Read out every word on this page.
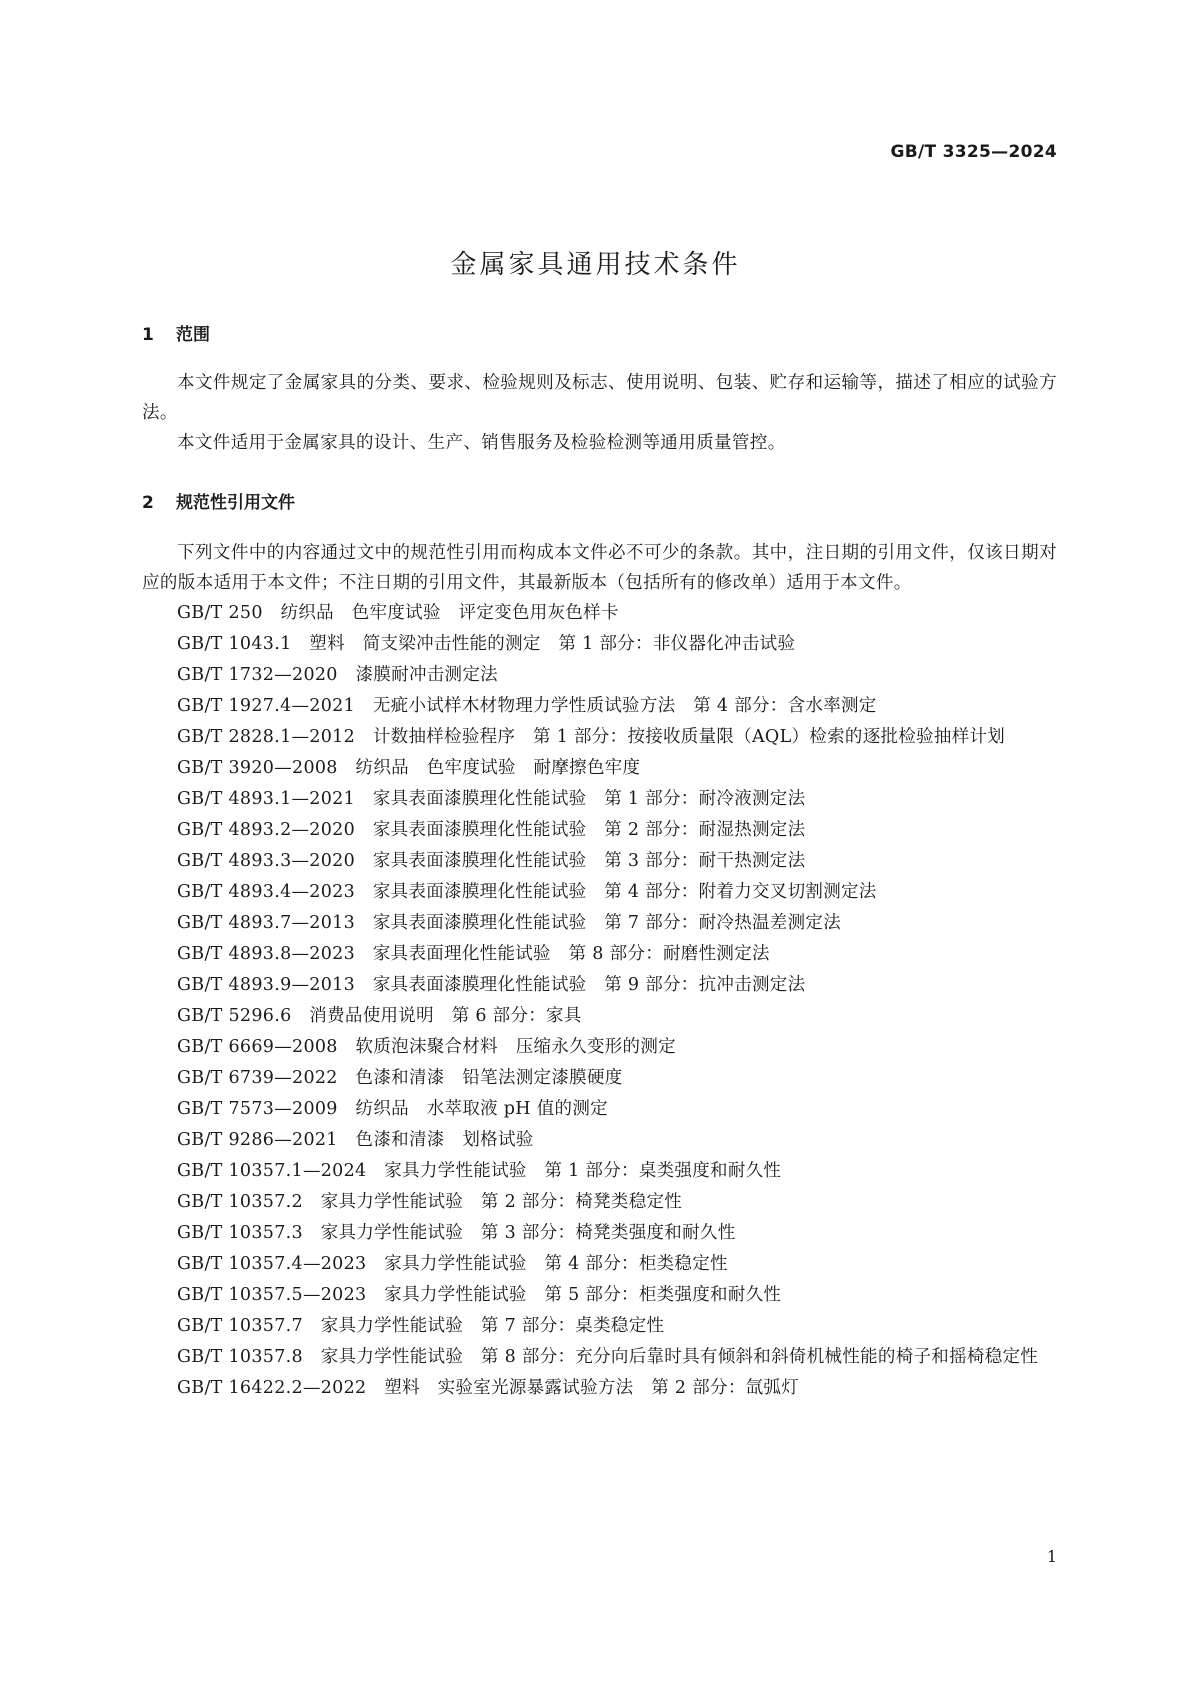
GB/T 3325—2024
金属家具通用技术条件
1 范围

本文件规定了金属家具的分类、要求、检验规则及标志、使用说明、包装、贮存和运输等，描述了相应的试验方法。

本文件适用于金属家具的设计、生产、销售服务及检验检测等通用质量管控。

2 规范性引用文件

下列文件中的内容通过文中的规范性引用而构成本文件必不可少的条款。其中，注日期的引用文件，仅该日期对应的版本适用于本文件；不注日期的引用文件，其最新版本（包括所有的修改单）适用于本文件。

GB/T 250　纺织品　色牢度试验　评定变色用灰色样卡

GB/T 1043.1　塑料　简支梁冲击性能的测定　第 1 部分：非仪器化冲击试验

GB/T 1732—2020　漆膜耐冲击测定法

GB/T 1927.4—2021　无疵小试样木材物理力学性质试验方法　第 4 部分：含水率测定

GB/T 2828.1—2012　计数抽样检验程序　第 1 部分：按接收质量限（AQL）检索的逐批检验抽样计划

GB/T 3920—2008　纺织品　色牢度试验　耐摩擦色牢度

GB/T 4893.1—2021　家具表面漆膜理化性能试验　第 1 部分：耐冷液测定法

GB/T 4893.2—2020　家具表面漆膜理化性能试验　第 2 部分：耐湿热测定法

GB/T 4893.3—2020　家具表面漆膜理化性能试验　第 3 部分：耐干热测定法

GB/T 4893.4—2023　家具表面漆膜理化性能试验　第 4 部分：附着力交叉切割测定法

GB/T 4893.7—2013　家具表面漆膜理化性能试验　第 7 部分：耐冷热温差测定法

GB/T 4893.8—2023　家具表面理化性能试验　第 8 部分：耐磨性测定法

GB/T 4893.9—2013　家具表面漆膜理化性能试验　第 9 部分：抗冲击测定法

GB/T 5296.6　消费品使用说明　第 6 部分：家具

GB/T 6669—2008　软质泡沫聚合材料　压缩永久变形的测定

GB/T 6739—2022　色漆和清漆　铅笔法测定漆膜硬度

GB/T 7573—2009　纺织品　水萃取液 pH 值的测定

GB/T 9286—2021　色漆和清漆　划格试验

GB/T 10357.1—2024　家具力学性能试验　第 1 部分：桌类强度和耐久性

GB/T 10357.2　家具力学性能试验　第 2 部分：椅凳类稳定性

GB/T 10357.3　家具力学性能试验　第 3 部分：椅凳类强度和耐久性

GB/T 10357.4—2023　家具力学性能试验　第 4 部分：柜类稳定性

GB/T 10357.5—2023　家具力学性能试验　第 5 部分：柜类强度和耐久性

GB/T 10357.7　家具力学性能试验　第 7 部分：桌类稳定性

GB/T 10357.8　家具力学性能试验　第 8 部分：充分向后靠时具有倾斜和斜倚机械性能的椅子和摇椅稳定性

GB/T 16422.2—2022　塑料　实验室光源暴露试验方法　第 2 部分：氙弧灯

1
